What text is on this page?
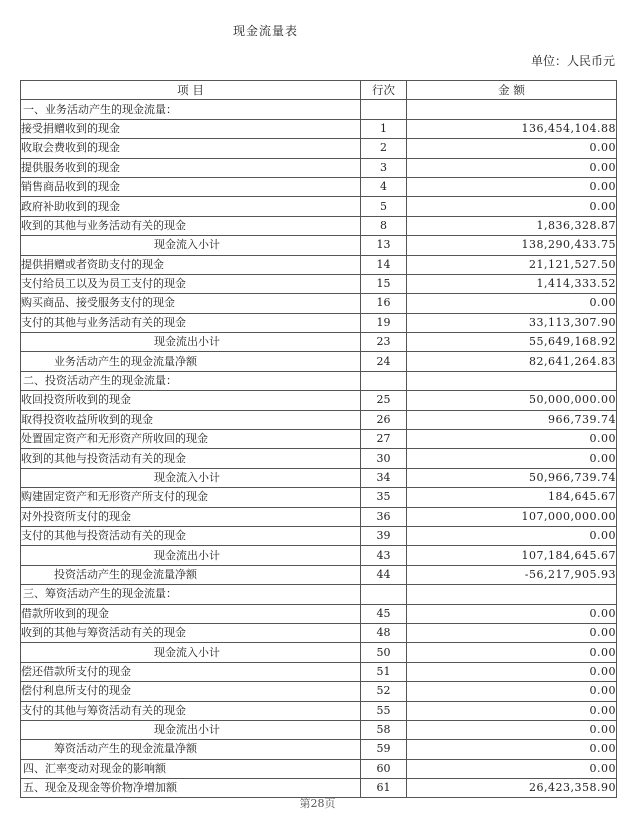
现金流量表
单位：人民币元
项 目	行次	金 额
一、业务活动产生的现金流量：		
接受捐赠收到的现金	1	136,454,104.88
收取会费收到的现金	2	0.00
提供服务收到的现金	3	0.00
销售商品收到的现金	4	0.00
政府补助收到的现金	5	0.00
收到的其他与业务活动有关的现金	8	1,836,328.87
现金流入小计	13	138,290,433.75
提供捐赠或者资助支付的现金	14	21,121,527.50
支付给员工以及为员工支付的现金	15	1,414,333.52
购买商品、接受服务支付的现金	16	0.00
支付的其他与业务活动有关的现金	19	33,113,307.90
现金流出小计	23	55,649,168.92
业务活动产生的现金流量净额	24	82,641,264.83
二、投资活动产生的现金流量：		
收回投资所收到的现金	25	50,000,000.00
取得投资收益所收到的现金	26	966,739.74
处置固定资产和无形资产所收回的现金	27	0.00
收到的其他与投资活动有关的现金	30	0.00
现金流入小计	34	50,966,739.74
购建固定资产和无形资产所支付的现金	35	184,645.67
对外投资所支付的现金	36	107,000,000.00
支付的其他与投资活动有关的现金	39	0.00
现金流出小计	43	107,184,645.67
投资活动产生的现金流量净额	44	-56,217,905.93
三、筹资活动产生的现金流量：		
借款所收到的现金	45	0.00
收到的其他与筹资活动有关的现金	48	0.00
现金流入小计	50	0.00
偿还借款所支付的现金	51	0.00
偿付利息所支付的现金	52	0.00
支付的其他与筹资活动有关的现金	55	0.00
现金流出小计	58	0.00
筹资活动产生的现金流量净额	59	0.00
四、汇率变动对现金的影响额	60	0.00
五、现金及现金等价物净增加额	61	26,423,358.90
第28页
